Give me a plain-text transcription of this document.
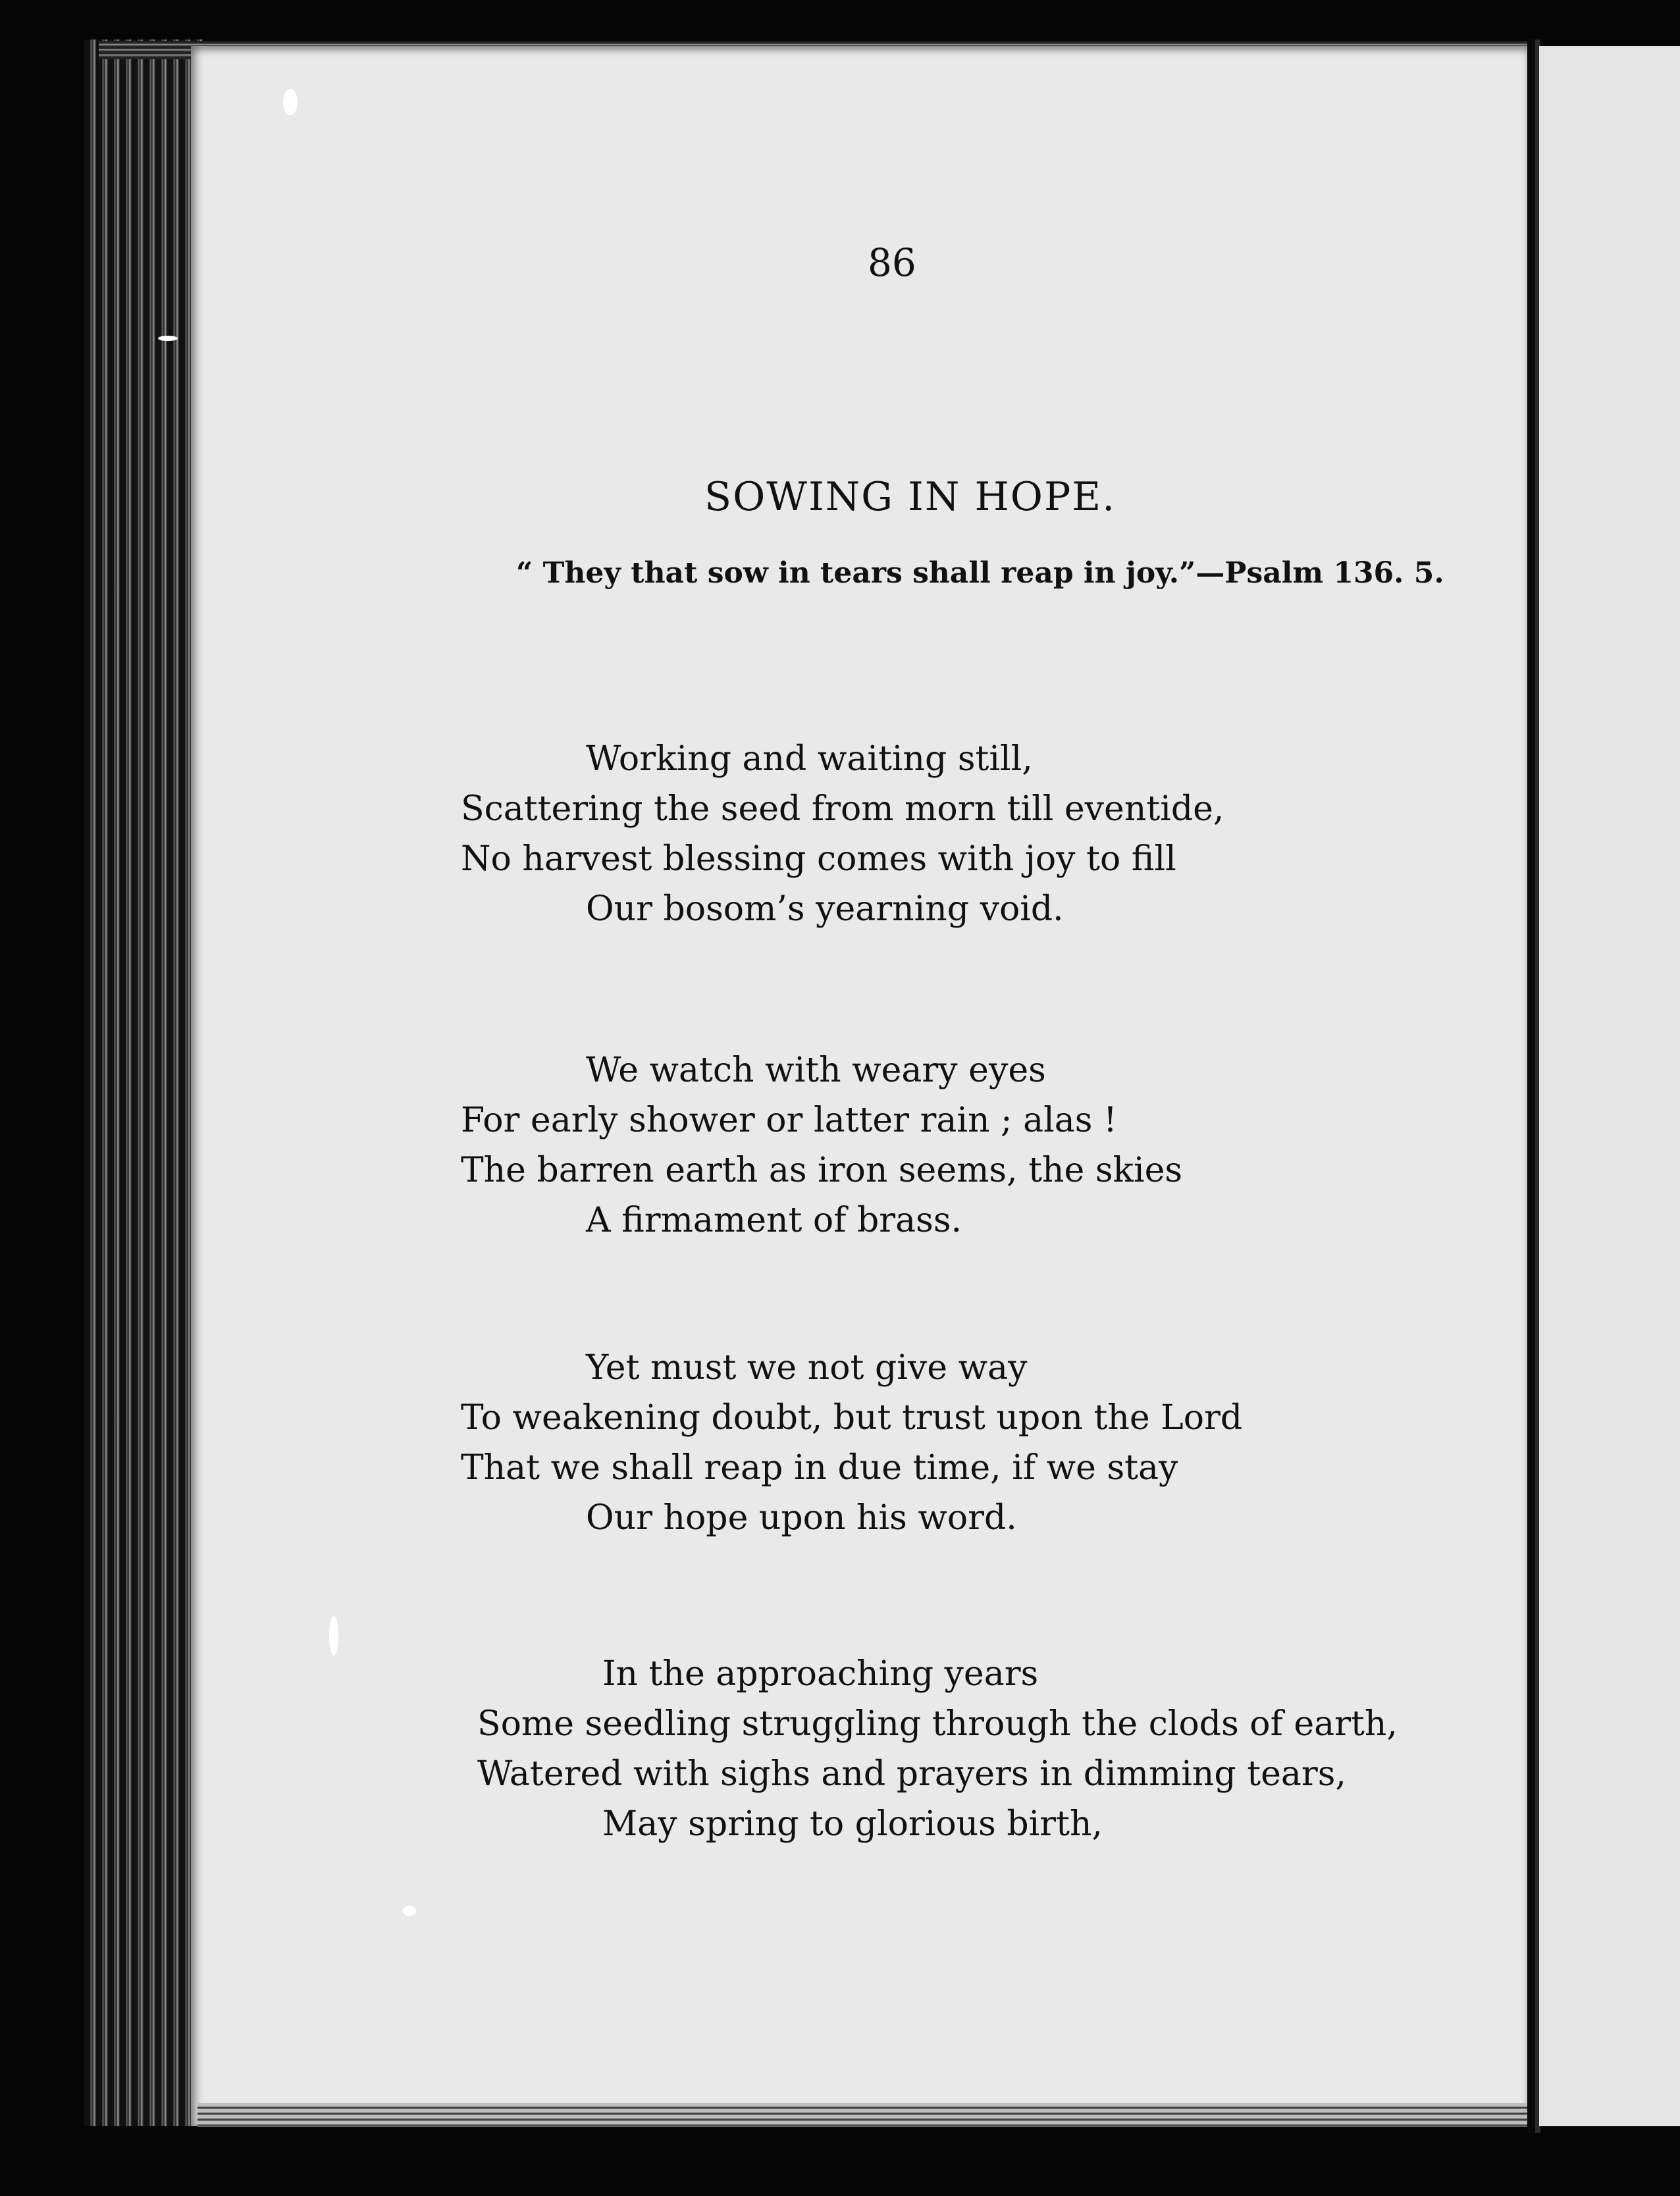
86
SOWING IN HOPE.
“ They that sow in tears shall reap in joy.”—Psalm 136. 5.
Working and waiting still,
Scattering the seed from morn till eventide,
No harvest blessing comes with joy to fill
Our bosom’s yearning void.
We watch with weary eyes
For early shower or latter rain ; alas !
The barren earth as iron seems, the skies
A firmament of brass.
Yet must we not give way
To weakening doubt, but trust upon the Lord
That we shall reap in due time, if we stay
Our hope upon his word.
In the approaching years
Some seedling struggling through the clods of earth,
Watered with sighs and prayers in dimming tears,
May spring to glorious birth,
